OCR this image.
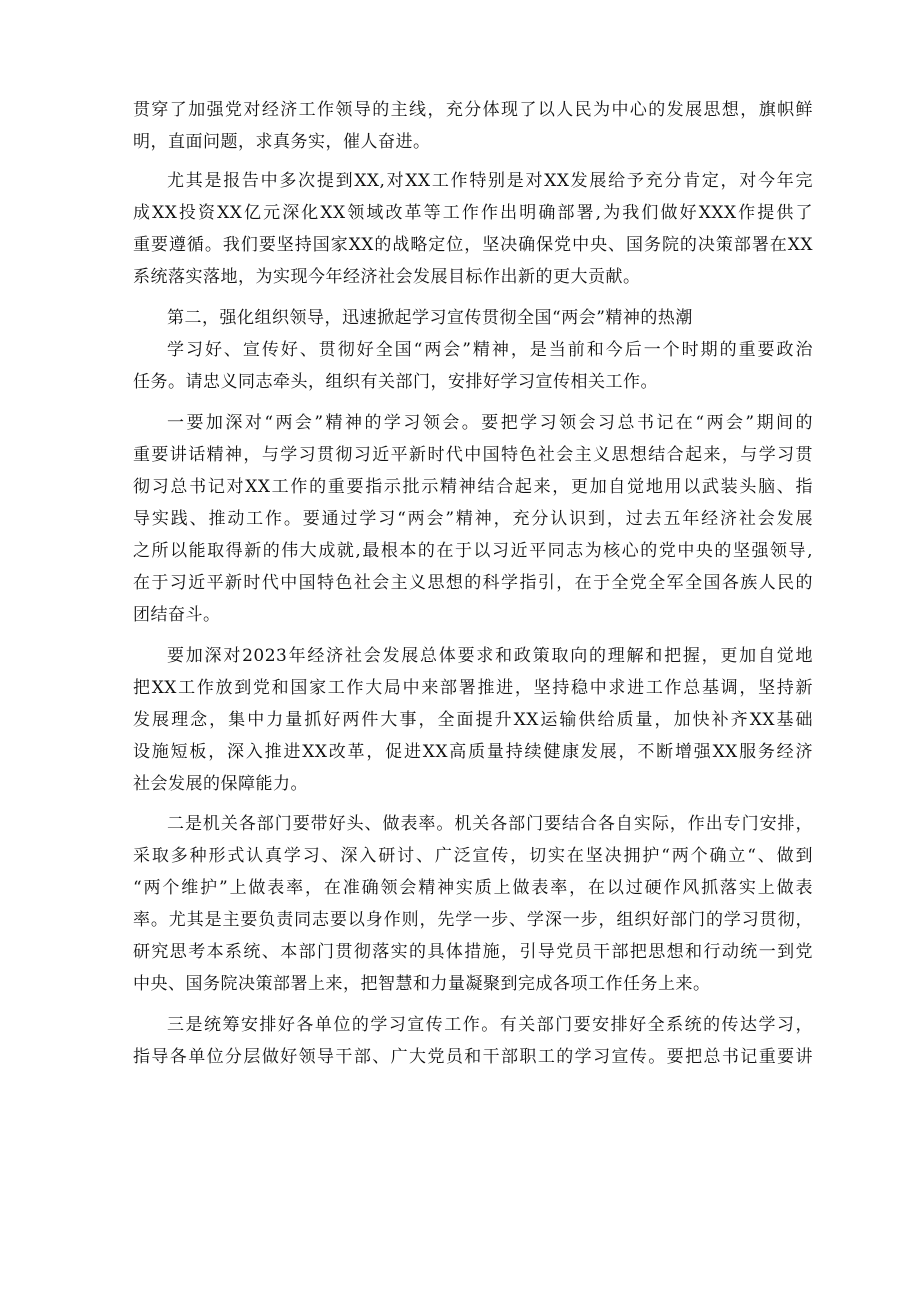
贯穿了加强党对经济工作领导的主线，充分体现了以人民为中心的发展思想，旗帜鲜
明，直面问题，求真务实，催人奋进。
尤其是报告中多次提到XX,对XX工作特别是对XX发展给予充分肯定，对今年完
成XX投资XX亿元深化XX领域改革等工作作出明确部署,为我们做好XXX作提供了
重要遵循。我们要坚持国家XX的战略定位，坚决确保党中央、国务院的决策部署在XX
系统落实落地，为实现今年经济社会发展目标作出新的更大贡献。
第二，强化组织领导，迅速掀起学习宣传贯彻全国“两会”精神的热潮
学习好、宣传好、贯彻好全国“两会”精神，是当前和今后一个时期的重要政治
任务。请忠义同志牵头，组织有关部门，安排好学习宣传相关工作。
一要加深对“两会”精神的学习领会。要把学习领会习总书记在“两会”期间的
重要讲话精神，与学习贯彻习近平新时代中国特色社会主义思想结合起来，与学习贯
彻习总书记对XX工作的重要指示批示精神结合起来，更加自觉地用以武装头脑、指
导实践、推动工作。要通过学习“两会”精神，充分认识到，过去五年经济社会发展
之所以能取得新的伟大成就,最根本的在于以习近平同志为核心的党中央的坚强领导,
在于习近平新时代中国特色社会主义思想的科学指引，在于全党全军全国各族人民的
团结奋斗。
要加深对2023年经济社会发展总体要求和政策取向的理解和把握，更加自觉地
把XX工作放到党和国家工作大局中来部署推进，坚持稳中求进工作总基调，坚持新
发展理念，集中力量抓好两件大事，全面提升XX运输供给质量，加快补齐XX基础
设施短板，深入推进XX改革，促进XX高质量持续健康发展，不断增强XX服务经济
社会发展的保障能力。
二是机关各部门要带好头、做表率。机关各部门要结合各自实际，作出专门安排，
采取多种形式认真学习、深入研讨、广泛宣传，切实在坚决拥护“两个确立“、做到
“两个维护”上做表率，在准确领会精神实质上做表率，在以过硬作风抓落实上做表
率。尤其是主要负责同志要以身作则，先学一步、学深一步，组织好部门的学习贯彻，
研究思考本系统、本部门贯彻落实的具体措施，引导党员干部把思想和行动统一到党
中央、国务院决策部署上来，把智慧和力量凝聚到完成各项工作任务上来。
三是统筹安排好各单位的学习宣传工作。有关部门要安排好全系统的传达学习，
指导各单位分层做好领导干部、广大党员和干部职工的学习宣传。要把总书记重要讲
